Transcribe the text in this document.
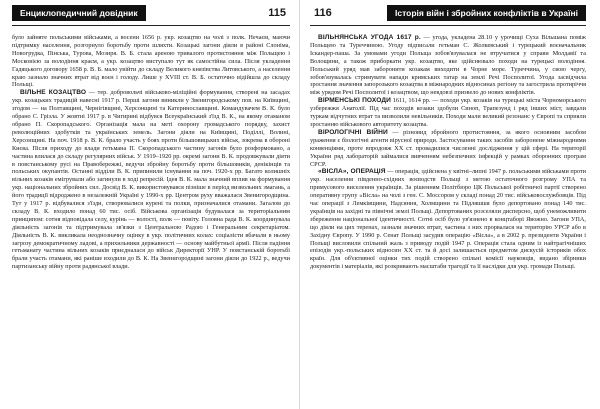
Енциклопедичний довідник	115

було зайняте польськими військами, а восени 1656 р. укр. козацтво на чолі з полк. Нечаєм, маючи підтримку населення, розгорнуло боротьбу проти шляхти. Козацькі загони діяли в районі Слоніма, Новогрудка, Пінська, Турова, Мозиря. В. Б. стала ареною тривалого протистояння між Польщею і Московією за володіння краєм, а укр. козацтво виступало тут як самостійна сила. Після укладення Гадяцького договору 1658 р. В. Б. мало увійти до складу Великого князівства Литовського, а населення краю зазнало значних втрат від воєн і голоду. Лише у XVIII ст. В. Б. остаточно відійшла до складу Польщі.

ВІЛЬНЕ КОЗАЦТВО — тер. добровольчі військово-міліційні формування, створені на засадах укр. козацьких традицій навесні 1917 р. Перші загони виникли у Звенигородському пов. на Київщині, згодом — на Полтавщині, Чернігівщині, Херсонщині та Катеринославщині. Командувачем В. К. було обрано С. Грізла. У жовтні 1917 р. в Чигирині відбувся Всеукраїнський з'їзд В. К., на якому отаманом обрано П. Скоропадського. Організація мала на меті охорону громадського порядку, захист революційних здобутків та українських земель. Загони діяли на Київщині, Поділлі, Волині, Херсонщині. На поч. 1918 р. В. К. брало участь у боях проти більшовицьких військ, зокрема в обороні Києва. Після приходу до влади гетьмана П. Скоропадського частину загонів було розформовано, а частина влилася до складу регулярних військ. У 1919–1920 рр. окремі загони В. К. продовжували діяти в повстанському русі на Правобережжі, ведучи збройну боротьбу проти більшовиків, денікінців та польських окупантів. Останні відділи В. К. припинили існування на поч. 1920-х рр. Багато колишніх вільних козаків емігрували або загинули в ході репресій. Ідея В. К. мала значний вплив на формування укр. національних збройних сил. Досвід В. К. використовувався пізніше в період визвольних змагань, а його традиції відроджено в незалежній Україні у 1990-х рр. Центром руху вважалася Звенигородщина. Тут у 1917 р. відбувалися з'їзди, створювалися курені та полки, призначалися отамани. Загалом до складу В. К. входило понад 60 тис. осіб. Військова організація будувалася за територіальним принципом: сотня відповідала селу, курінь — волості, полк — повіту. Головна рада В. К. координувала діяльність загонів та підтримувала зв'язки з Центральною Радою і Генеральним секретаріатом. Діяльність В. К. викликала неоднозначну оцінку в укр. політичних колах: соціалісти вбачали в ньому загрозу демократичному ладові, а прихильники державності — основу майбутньої армії. Після падіння гетьманату частина вільних козаків приєдналася до військ Директорії УНР. У повстанській боротьбі брали участь отамани, які раніше входили до В. К. На Звенигородщині загони діяли до 1922 р., ведучи партизанську війну проти радянської влади.

116	Історія війн і збройних конфліктів в Україні

ВІЛЬНЯНСЬКА УГОДА 1617 р. — угода, укладена 28.10 у урочищі Суха Вільшана поміж Польщею та Туреччиною. Угоду підписали гетьман С. Жолкевський і турецький воєначальник Іскандер-паша. За умовами угоди Польща зобов'язувалася не втручатися у справи Молдавії та Волощини, а також приборкати укр. козацтво, яке здійснювало походи на турецькі володіння. Польський уряд мав заборонити козакам виходити в Чорне море. Туреччина, у свою чергу, зобов'язувалась стримувати напади кримських татар на землі Речі Посполитої. Угода засвідчила зростання значення запорозького козацтва в міжнародних відносинах регіону та загострила протиріччя між урядом Речі Посполитої і козацтвом, що невдовзі призвело до нових конфліктів.

ВІРМЕНСЬКІ ПОХОДИ 1611, 1614 рр. — походи укр. козаків на турецькі міста Чорноморського узбережжя Анатолії. Під час походів козаки здобули Синоп, Трапезунд і ряд інших міст, завдали туркам відчутних втрат та визволили невільників. Походи мали великий резонанс у Європі та сприяли зростанню військового авторитету козацтва.

ВІРОЛОГІЧНІ ВІЙНИ — різновид збройного протистояння, за якого основним засобом ураження є біологічні агенти вірусної природи. Застосування таких засобів заборонене міжнародними конвенціями, проте впродовж XX ст. провадилися численні дослідження у цій сфері. На території України ряд лабораторій займалися вивченням небезпечних інфекцій у рамках оборонних програм СРСР.

«ВІСЛА», ОПЕРАЦІЯ — операція, здійснена у квітні–липні 1947 р. польськими військами проти укр. населення південно-східних воєводств Польщі з метою остаточного розгрому УПА та примусового виселення українців. За рішенням Політбюро ЦК Польської робітничої партії створено оперативну групу «Вісла» на чолі з ген. С. Моссором у складі понад 20 тис. військовослужбовців. Під час операції з Лемківщини, Надсяння, Холмщини та Підляшшя було депортовано понад 140 тис. українців на західні та північні землі Польщі. Депортованих розселяли дисперсно, щоб унеможливити збереження національної ідентичності. Сотні осіб було ув'язнено в концтаборі Явожно. Загони УПА, що діяли на цих теренах, зазнали значних втрат, частина з них прорвалася на територію УРСР або в Західну Європу. У 1990 р. Сенат Польщі засудив операцію «Вісла», а в 2002 р. президенти України і Польщі висловили спільний жаль з приводу подій 1947 р. Операція стала одним із найтрагічніших епізодів укр.-польських відносин XX ст. та й досі залишається предметом дискусій істориків обох країн. Для об'єктивної оцінки тих подій створено спільні комісії науковців, видано збірники документів і матеріалів, які розкривають масштаби трагедії та її наслідки для укр. громади Польщі.
